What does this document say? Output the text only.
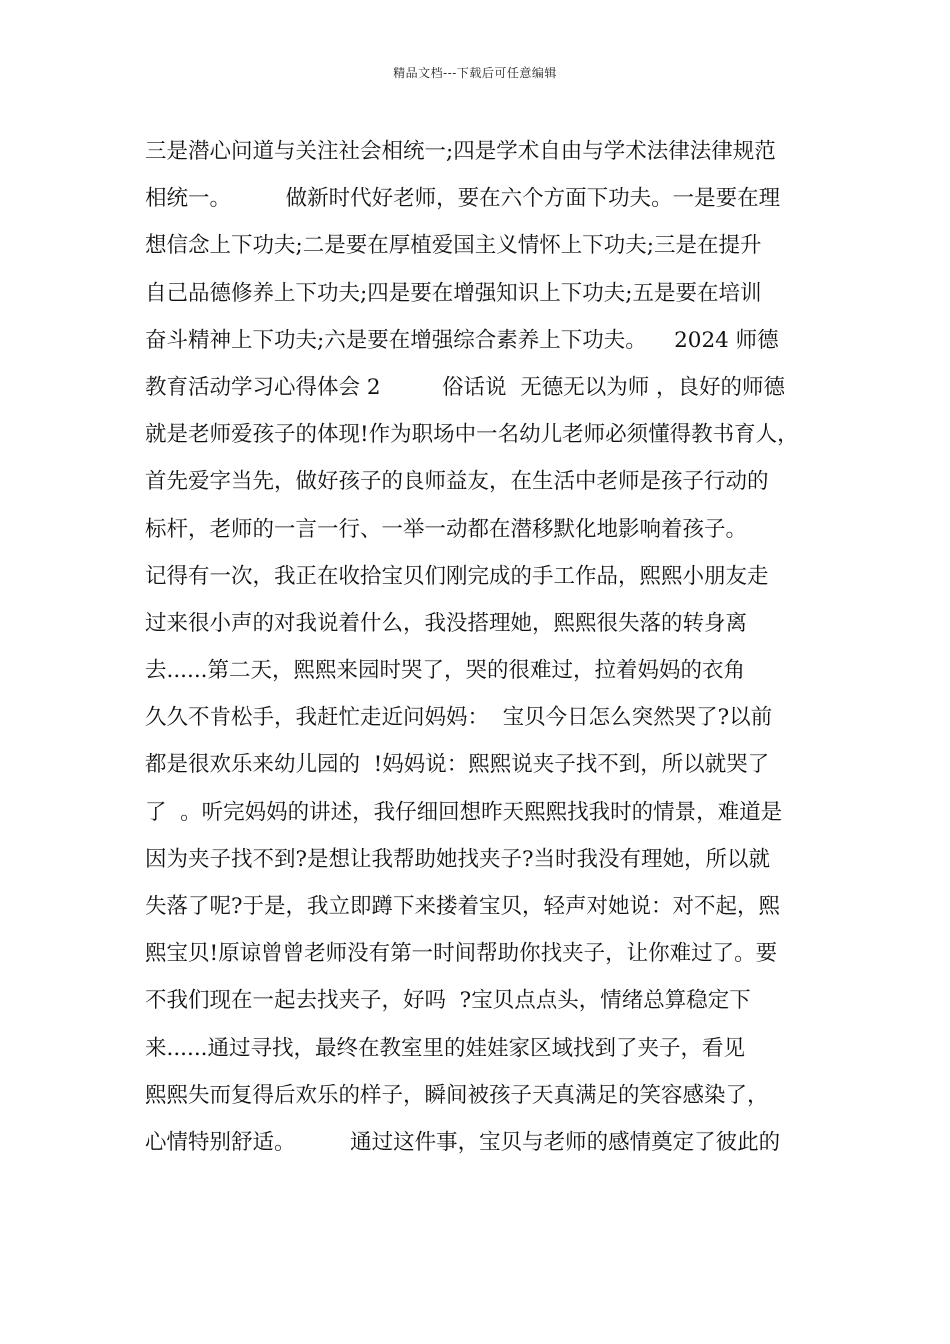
精品文档---下载后可任意编辑
三是潜心问道与关注社会相统一;四是学术自由与学术法律法律规范
相统一。        做新时代好老师，要在六个方面下功夫。一是要在理
想信念上下功夫;二是要在厚植爱国主义情怀上下功夫;三是在提升
自己品德修养上下功夫;四是要在增强知识上下功夫;五是要在培训
奋斗精神上下功夫;六是要在增强综合素养上下功夫。    2024 师德
教育活动学习心得体会 2         俗话说  无德无以为师 ，良好的师德
就是老师爱孩子的体现!作为职场中一名幼儿老师必须懂得教书育人，
首先爱字当先，做好孩子的良师益友，在生活中老师是孩子行动的
标杆，老师的一言一行、一举一动都在潜移默化地影响着孩子。
记得有一次，我正在收拾宝贝们刚完成的手工作品，熙熙小朋友走
过来很小声的对我说着什么，我没搭理她，熙熙很失落的转身离
去......第二天，熙熙来园时哭了，哭的很难过，拉着妈妈的衣角
久久不肯松手，我赶忙走近问妈妈：  宝贝今日怎么突然哭了?以前
都是很欢乐来幼儿园的  !妈妈说：熙熙说夹子找不到，所以就哭了
了  。听完妈妈的讲述，我仔细回想昨天熙熙找我时的情景，难道是
因为夹子找不到?是想让我帮助她找夹子?当时我没有理她，所以就
失落了呢?于是，我立即蹲下来搂着宝贝，轻声对她说：对不起，熙
熙宝贝!原谅曾曾老师没有第一时间帮助你找夹子，让你难过了。要
不我们现在一起去找夹子，好吗  ?宝贝点点头，情绪总算稳定下
来......通过寻找，最终在教室里的娃娃家区域找到了夹子，看见
熙熙失而复得后欢乐的样子，瞬间被孩子天真满足的笑容感染了，
心情特别舒适。        通过这件事，宝贝与老师的感情奠定了彼此的
